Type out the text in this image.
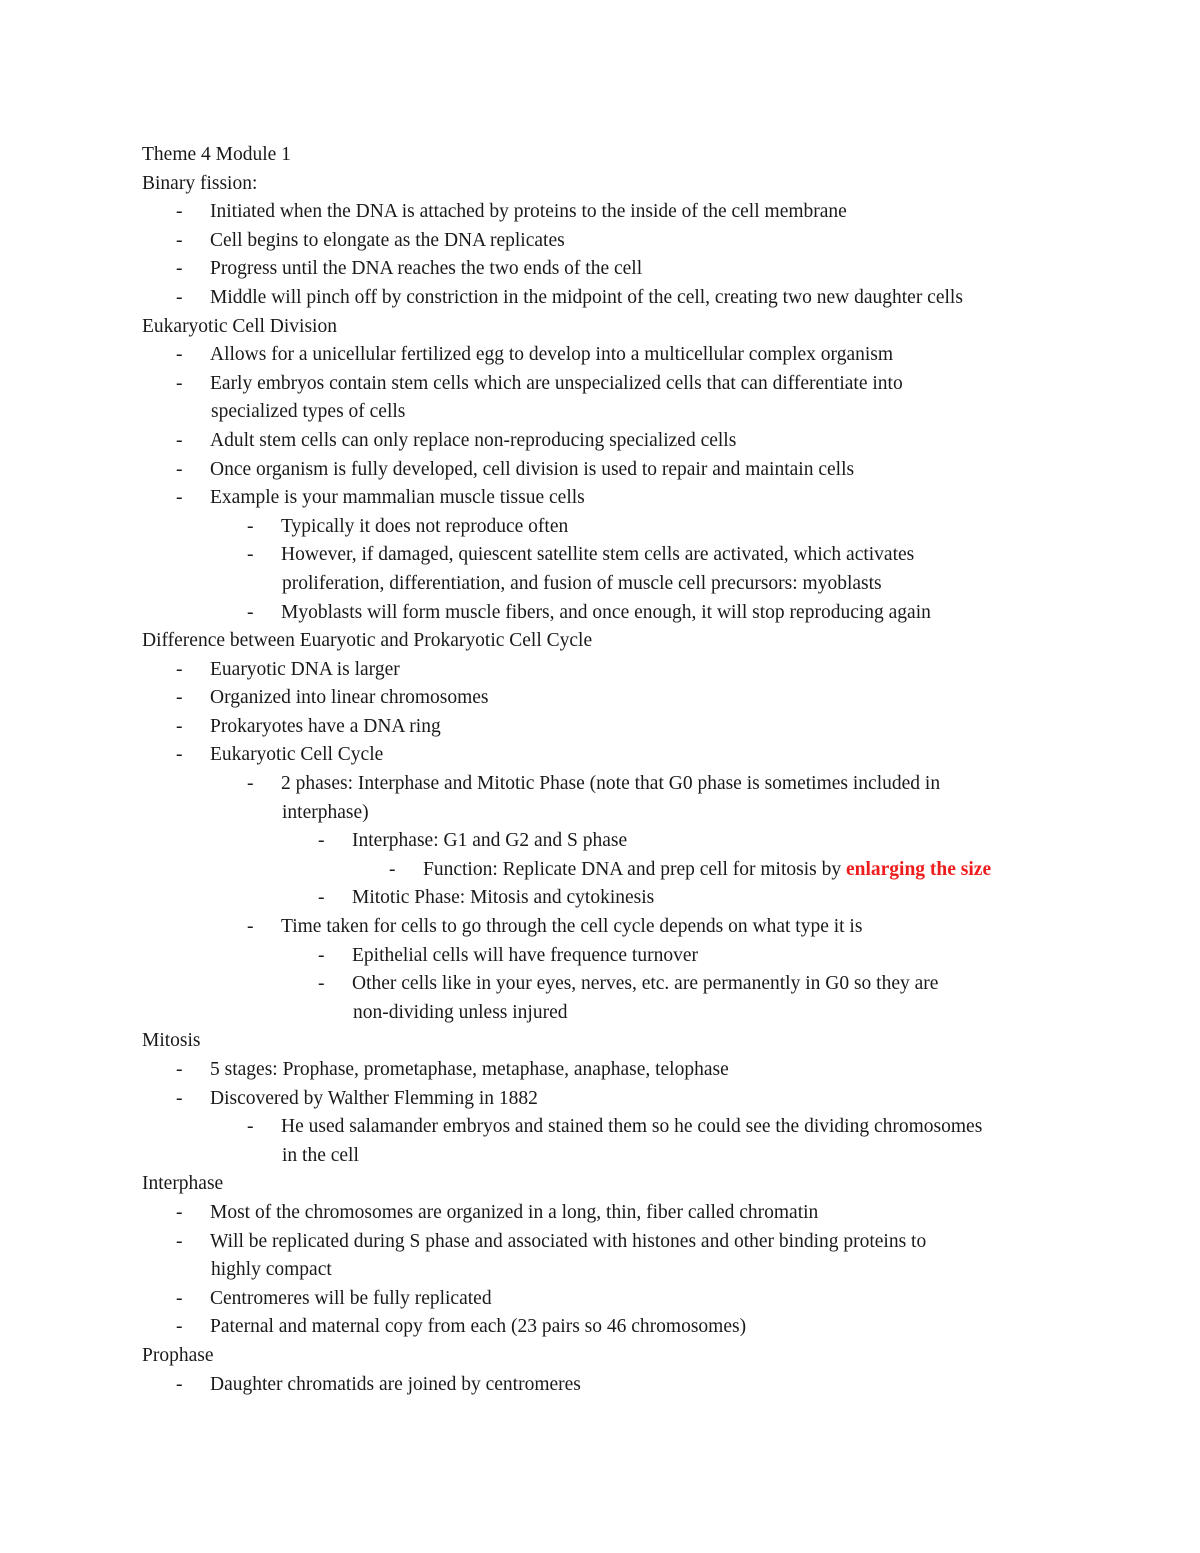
Theme 4 Module 1
Binary fission:
-	Initiated when the DNA is attached by proteins to the inside of the cell membrane
-	Cell begins to elongate as the DNA replicates
-	Progress until the DNA reaches the two ends of the cell
-	Middle will pinch off by constriction in the midpoint of the cell, creating two new daughter cells
Eukaryotic Cell Division
-	Allows for a unicellular fertilized egg to develop into a multicellular complex organism
-	Early embryos contain stem cells which are unspecialized cells that can differentiate into
specialized types of cells
-	Adult stem cells can only replace non-reproducing specialized cells
-	Once organism is fully developed, cell division is used to repair and maintain cells
-	Example is your mammalian muscle tissue cells
-	Typically it does not reproduce often
-	However, if damaged, quiescent satellite stem cells are activated, which activates
proliferation, differentiation, and fusion of muscle cell precursors: myoblasts
-	Myoblasts will form muscle fibers, and once enough, it will stop reproducing again
Difference between Euaryotic and Prokaryotic Cell Cycle
-	Euaryotic DNA is larger
-	Organized into linear chromosomes
-	Prokaryotes have a DNA ring
-	Eukaryotic Cell Cycle
-	2 phases: Interphase and Mitotic Phase (note that G0 phase is sometimes included in
interphase)
-	Interphase: G1 and G2 and S phase
-	Function: Replicate DNA and prep cell for mitosis by enlarging the size
-	Mitotic Phase: Mitosis and cytokinesis
-	Time taken for cells to go through the cell cycle depends on what type it is
-	Epithelial cells will have frequence turnover
-	Other cells like in your eyes, nerves, etc. are permanently in G0 so they are
non-dividing unless injured
Mitosis
-	5 stages: Prophase, prometaphase, metaphase, anaphase, telophase
-	Discovered by Walther Flemming in 1882
-	He used salamander embryos and stained them so he could see the dividing chromosomes
in the cell
Interphase
-	Most of the chromosomes are organized in a long, thin, fiber called chromatin
-	Will be replicated during S phase and associated with histones and other binding proteins to
highly compact
-	Centromeres will be fully replicated
-	Paternal and maternal copy from each (23 pairs so 46 chromosomes)
Prophase
-	Daughter chromatids are joined by centromeres
